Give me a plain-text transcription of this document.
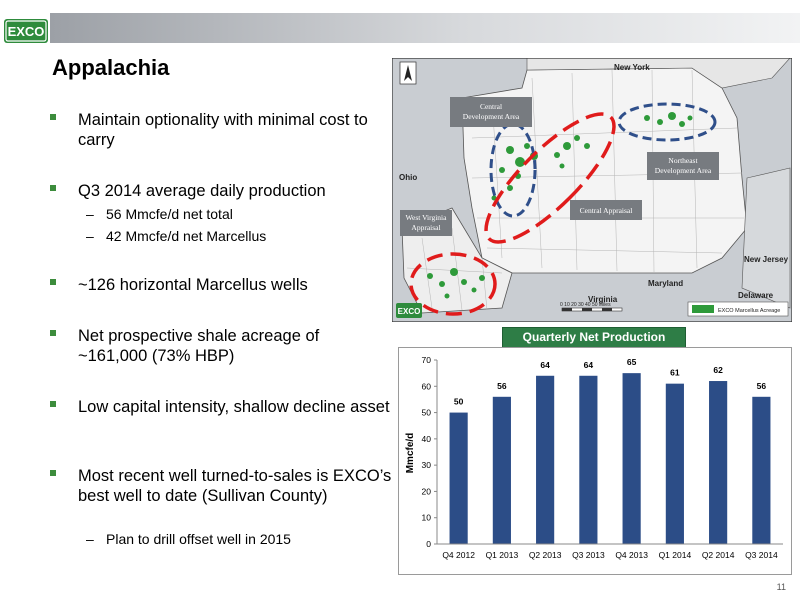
EXCO
Appalachia
Maintain optionality with minimal cost to carry
Q3 2014 average daily production
– 56 Mmcfe/d net total
– 42 Mmcfe/d net Marcellus
~126 horizontal Marcellus wells
Net prospective shale acreage of ~161,000 (73% HBP)
Low capital intensity, shallow decline asset
Most recent well turned-to-sales is EXCO’s best well to date (Sullivan County)
– Plan to drill offset well in 2015
Central Development Area
Northeast Development Area
Central Appraisal
West Virginia Appraisal
New York
Ohio
New Jersey
Maryland
Virginia	Delaware
0 10 20 30 40 50 Miles
EXCO Marcellus Acreage
EXCO
Quarterly Net Production
0
10
20
30
40
50
60
70
50
56
64	64	65
61	62
56
Q4 2012 Q1 2013 Q2 2013 Q3 2013 Q4 2013 Q1 2014 Q2 2014 Q3 2014
Mmcfe/d
11
